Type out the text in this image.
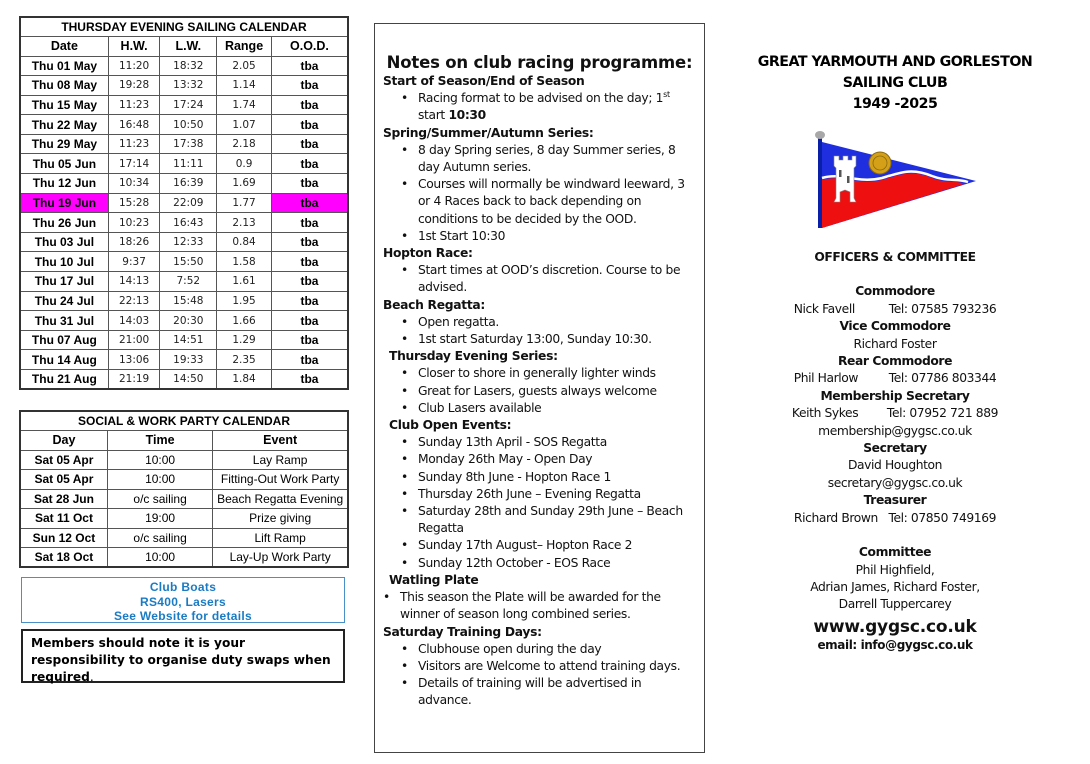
THURSDAY EVENING SAILING CALENDAR				
Date	H.W.	L.W.	Range	O.O.D.
Thu 01 May	11:20	18:32	2.05	tba
Thu 08 May	19:28	13:32	1.14	tba
Thu 15 May	11:23	17:24	1.74	tba
Thu 22 May	16:48	10:50	1.07	tba
Thu 29 May	11:23	17:38	2.18	tba
Thu 05 Jun	17:14	11:11	0.9	tba
Thu 12 Jun	10:34	16:39	1.69	tba
Thu 19 Jun	15:28	22:09	1.77	tba
Thu 26 Jun	10:23	16:43	2.13	tba
Thu 03 Jul	18:26	12:33	0.84	tba
Thu 10 Jul	9:37	15:50	1.58	tba
Thu 17 Jul	14:13	7:52	1.61	tba
Thu 24 Jul	22:13	15:48	1.95	tba
Thu 31 Jul	14:03	20:30	1.66	tba
Thu 07 Aug	21:00	14:51	1.29	tba
Thu 14 Aug	13:06	19:33	2.35	tba
Thu 21 Aug	21:19	14:50	1.84	tba
SOCIAL & WORK PARTY CALENDAR		
Day	Time	Event
Sat 05 Apr	10:00	Lay Ramp
Sat 05 Apr	10:00	Fitting-Out Work Party
Sat 28 Jun	o/c sailing	Beach Regatta Evening
Sat 11 Oct	19:00	Prize giving
Sun 12 Oct	o/c sailing	Lift Ramp
Sat 18 Oct	10:00	Lay-Up Work Party
Club Boats
RS400, Lasers
See Website for details
Members should note it is your responsibility to organise duty swaps when required.
Notes on club racing programme:
Start of Season/End of Season
• Racing format to be advised on the day; 1st start 10:30
Spring/Summer/Autumn Series:
• 8 day Spring series, 8 day Summer series, 8 day Autumn series.
• Courses will normally be windward leeward, 3 or 4 Races back to back depending on conditions to be decided by the OOD.
• 1st Start 10:30
Hopton Race:
• Start times at OOD’s discretion. Course to be advised.
Beach Regatta:
• Open regatta.
• 1st start Saturday 13:00, Sunday 10:30.
Thursday Evening Series:
• Closer to shore in generally lighter winds
• Great for Lasers, guests always welcome
• Club Lasers available
Club Open Events:
• Sunday 13th April - SOS Regatta
• Monday 26th May - Open Day
• Sunday 8th June - Hopton Race 1
• Thursday 26th June – Evening Regatta
• Saturday 28th and Sunday 29th June – Beach Regatta
• Sunday 17th August– Hopton Race 2
• Sunday 12th October - EOS Race
Watling Plate
• This season the Plate will be awarded for the winner of season long combined series.
Saturday Training Days:
• Clubhouse open during the day
• Visitors are Welcome to attend training days.
• Details of training will be advertised in advance.
GREAT YARMOUTH AND GORLESTON
SAILING CLUB
1949 -2025
OFFICERS & COMMITTEE
Commodore
Nick Favell	Tel: 07585 793236
Vice Commodore
Richard Foster
Rear Commodore
Phil Harlow	Tel: 07786 803344
Membership Secretary
Keith Sykes	Tel: 07952 721 889
membership@gygsc.co.uk
Secretary
David Houghton
secretary@gygsc.co.uk
Treasurer
Richard Brown   Tel: 07850 749169
Committee
Phil Highfield,
Adrian James, Richard Foster,
Darrell Tuppercarey
www.gygsc.co.uk
email: info@gygsc.co.uk
